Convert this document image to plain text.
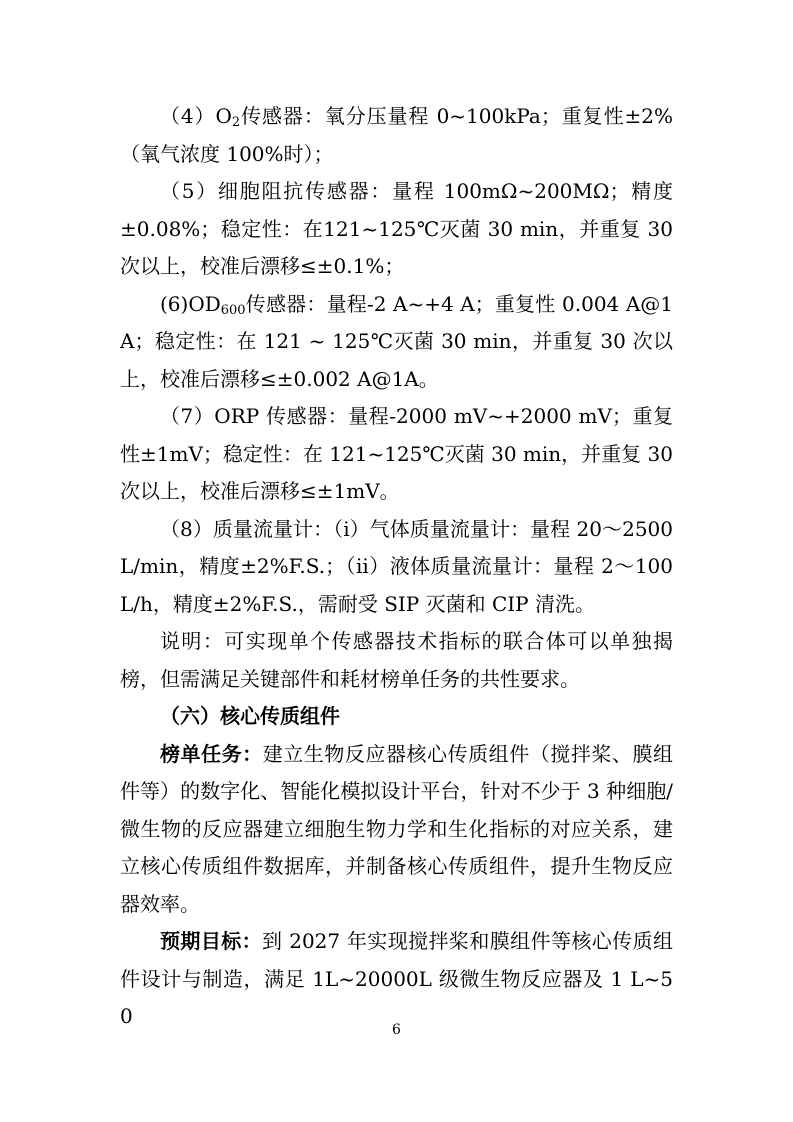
$(4)O_2$传感器：氧分压量程 0~100kPa；重复性±2%（氧气浓度 100%时）；

（5）细胞阻抗传感器：量程 100mΩ~200MΩ；精度±0.08%；稳定性：在121~125℃灭菌 30 min，并重复 30 次以上，校准后漂移≤±0.1%；

$(6)OD_{600}$传感器：量程-2 A~+4 A；重复性 0.004 A@1A；稳定性：在 121 ~ 125℃灭菌 30 min，并重复 30 次以上，校准后漂移≤±0.002 A@1A。

（7）ORP 传感器：量程-2000 mV~+2000 mV；重复性±1mV；稳定性：在 121~125℃灭菌 30 min，并重复 30 次以上，校准后漂移≤±1mV。

（8）质量流量计：（i）气体质量流量计：量程 20～2500L/min，精度±2%F.S.；（ii）液体质量流量计：量程 2～100 L/h，精度±2%F.S.，需耐受 SIP 灭菌和 CIP 清洗。

说明：可实现单个传感器技术指标的联合体可以单独揭榜，但需满足关键部件和耗材榜单任务的共性要求。

（六）核心传质组件

榜单任务：建立生物反应器核心传质组件（搅拌桨、膜组件等）的数字化、智能化模拟设计平台，针对不少于 3 种细胞/微生物的反应器建立细胞生物力学和生化指标的对应关系，建立核心传质组件数据库，并制备核心传质组件，提升生物反应器效率。

预期目标：到 2027 年实现搅拌桨和膜组件等核心传质组件设计与制造，满足 1L~20000L 级微生物反应器及 1 L~50

6
